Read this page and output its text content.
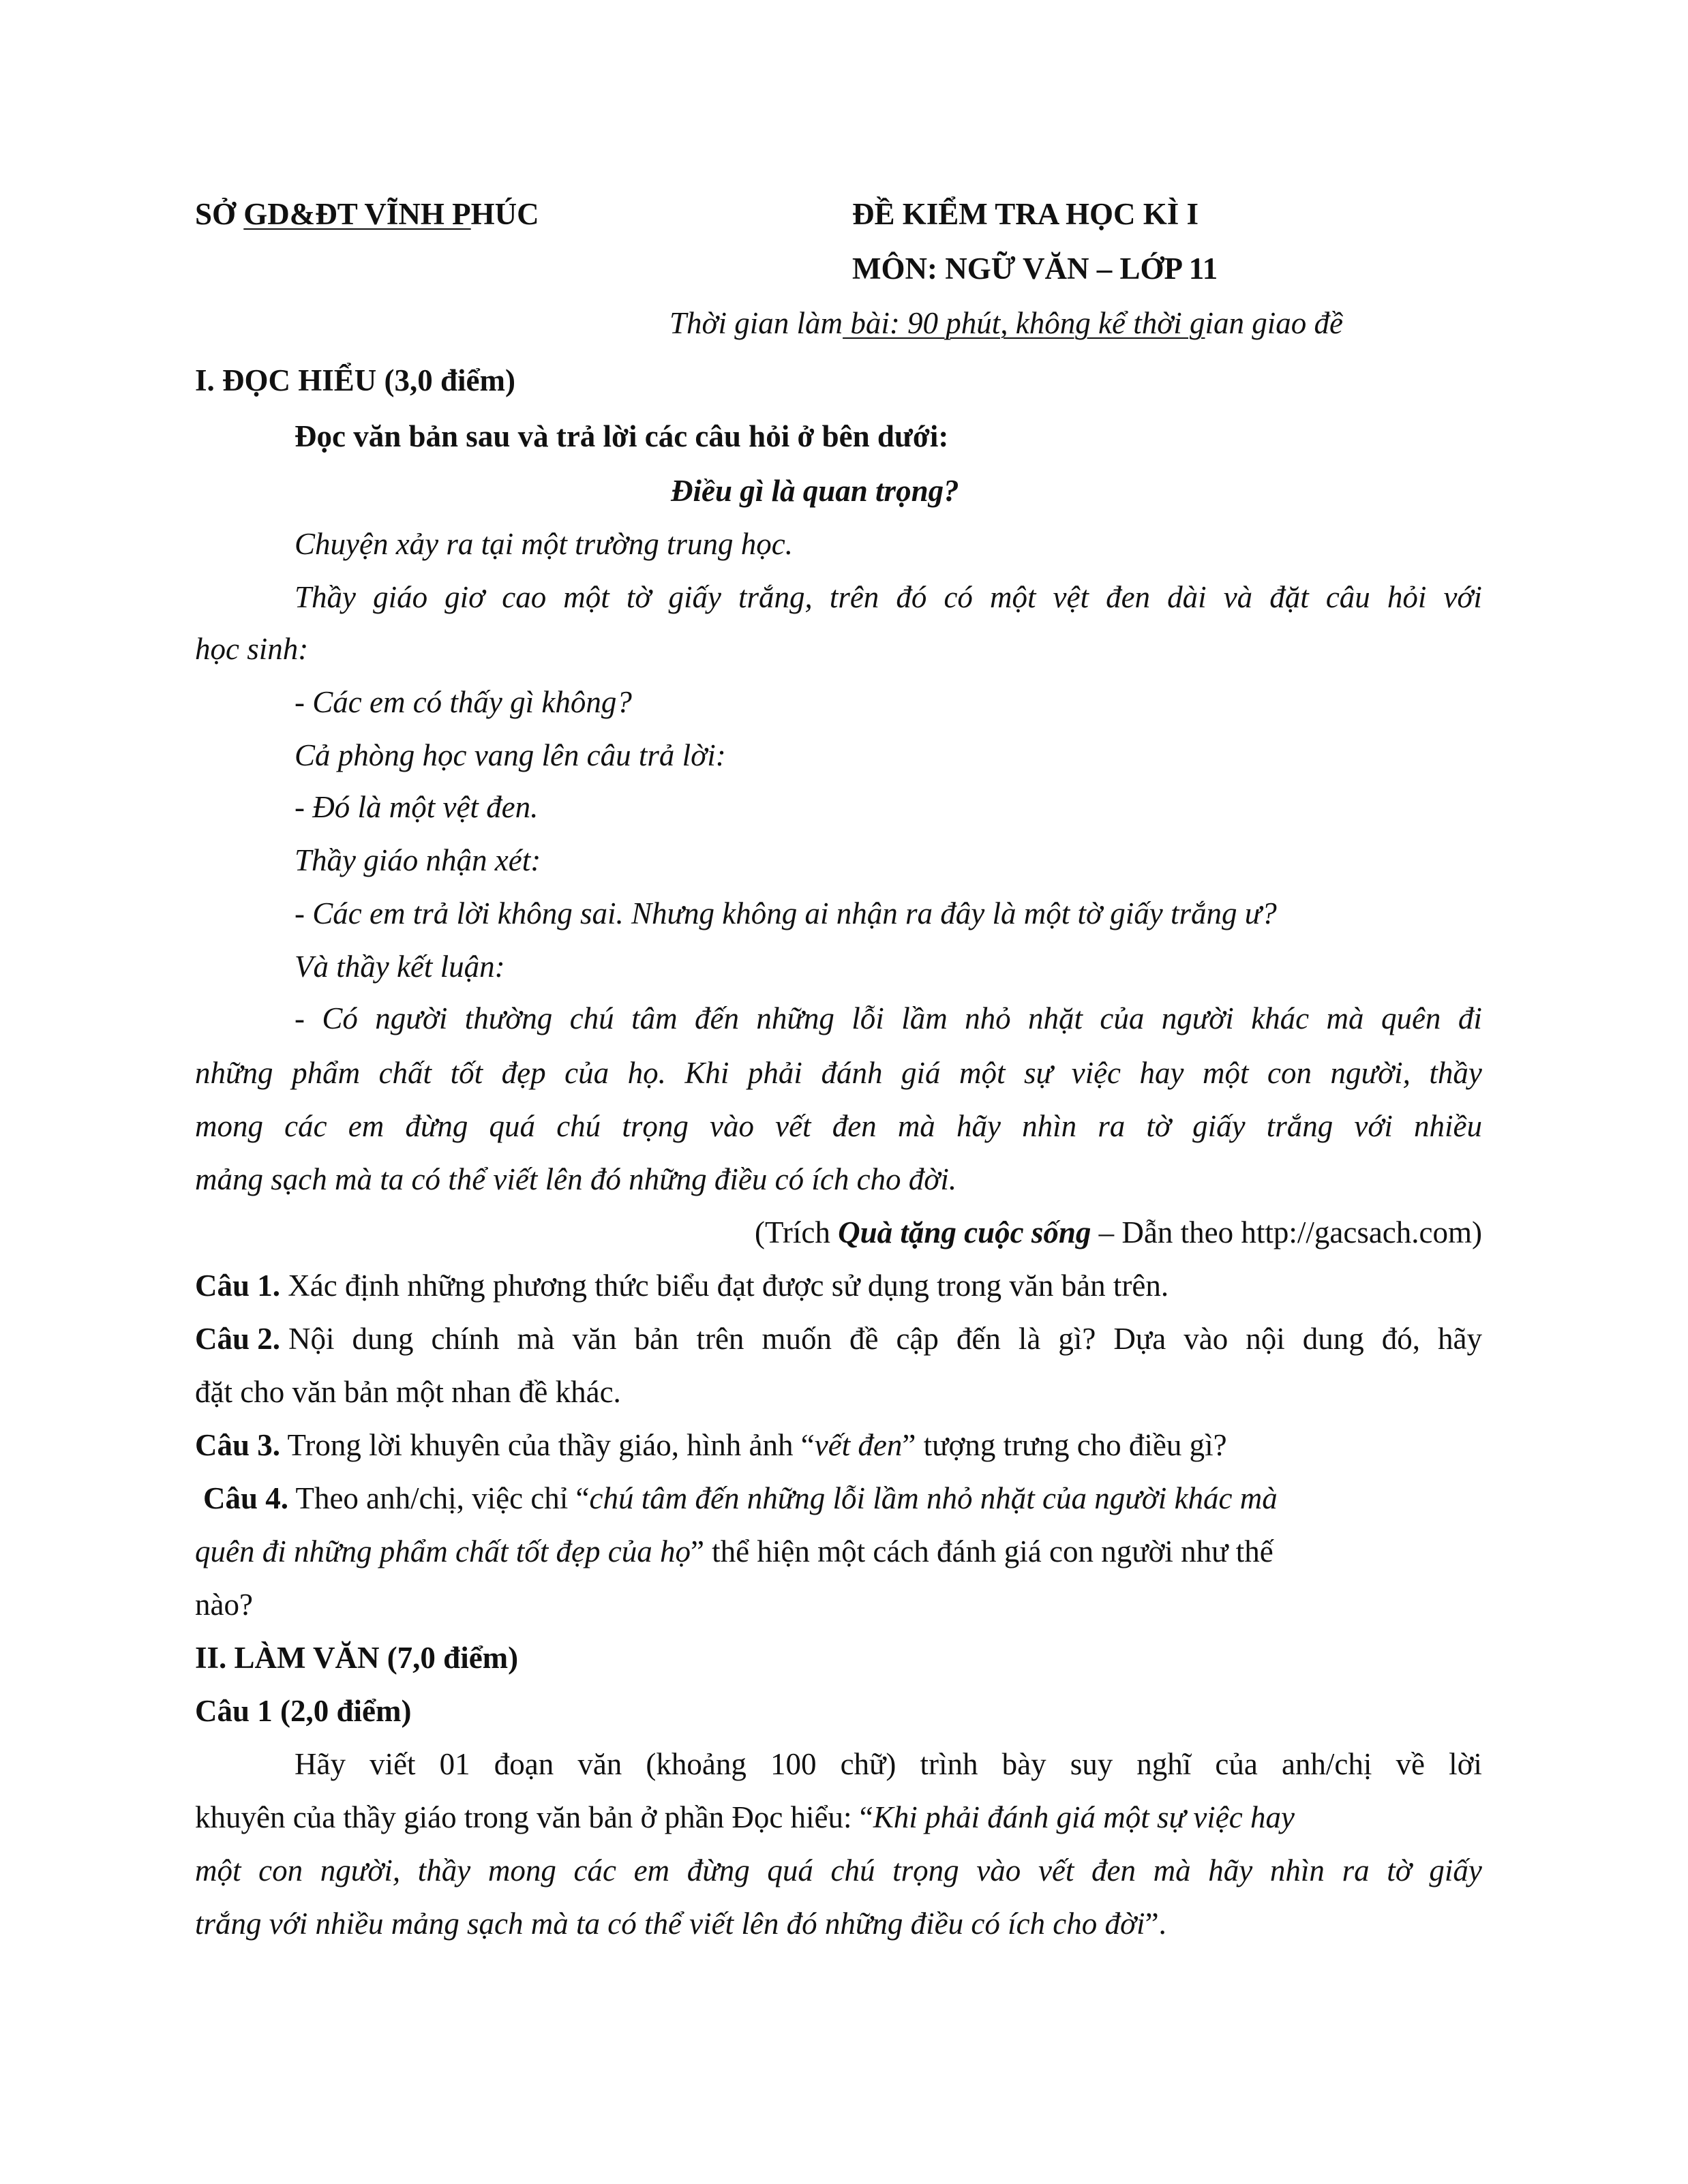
SỞ GD&ĐT VĨNH PHÚC	ĐỀ KIỂM TRA HỌC KÌ I
MÔN: NGỮ VĂN – LỚP 11
Thời gian làm bài: 90 phút, không kể thời gian giao đề
I. ĐỌC HIỂU (3,0 điểm)
Đọc văn bản sau và trả lời các câu hỏi ở bên dưới:
Điều gì là quan trọng?
Chuyện xảy ra tại một trường trung học.
Thầy giáo giơ cao một tờ giấy trắng, trên đó có một vệt đen dài và đặt câu hỏi với
học sinh:
- Các em có thấy gì không?
Cả phòng học vang lên câu trả lời:
- Đó là một vệt đen.
Thầy giáo nhận xét:
- Các em trả lời không sai. Nhưng không ai nhận ra đây là một tờ giấy trắng ư?
Và thầy kết luận:
- Có người thường chú tâm đến những lỗi lầm nhỏ nhặt của người khác mà quên đi
những phẩm chất tốt đẹp của họ. Khi phải đánh giá một sự việc hay một con người, thầy
mong các em đừng quá chú trọng vào vết đen mà hãy nhìn ra tờ giấy trắng với nhiều
mảng sạch mà ta có thể viết lên đó những điều có ích cho đời.
(Trích Quà tặng cuộc sống – Dẫn theo http://gacsach.com)
Câu 1. Xác định những phương thức biểu đạt được sử dụng trong văn bản trên.
Câu 2. Nội dung chính mà văn bản trên muốn đề cập đến là gì? Dựa vào nội dung đó, hãy
đặt cho văn bản một nhan đề khác.
Câu 3. Trong lời khuyên của thầy giáo, hình ảnh “vết đen” tượng trưng cho điều gì?
Câu 4. Theo anh/chị, việc chỉ “chú tâm đến những lỗi lầm nhỏ nhặt của người khác mà
quên đi những phẩm chất tốt đẹp của họ” thể hiện một cách đánh giá con người như thế
nào?
II. LÀM VĂN (7,0 điểm)
Câu 1 (2,0 điểm)
Hãy viết 01 đoạn văn (khoảng 100 chữ) trình bày suy nghĩ của anh/chị về lời
khuyên của thầy giáo trong văn bản ở phần Đọc hiểu: “Khi phải đánh giá một sự việc hay
một con người, thầy mong các em đừng quá chú trọng vào vết đen mà hãy nhìn ra tờ giấy
trắng với nhiều mảng sạch mà ta có thể viết lên đó những điều có ích cho đời”.
